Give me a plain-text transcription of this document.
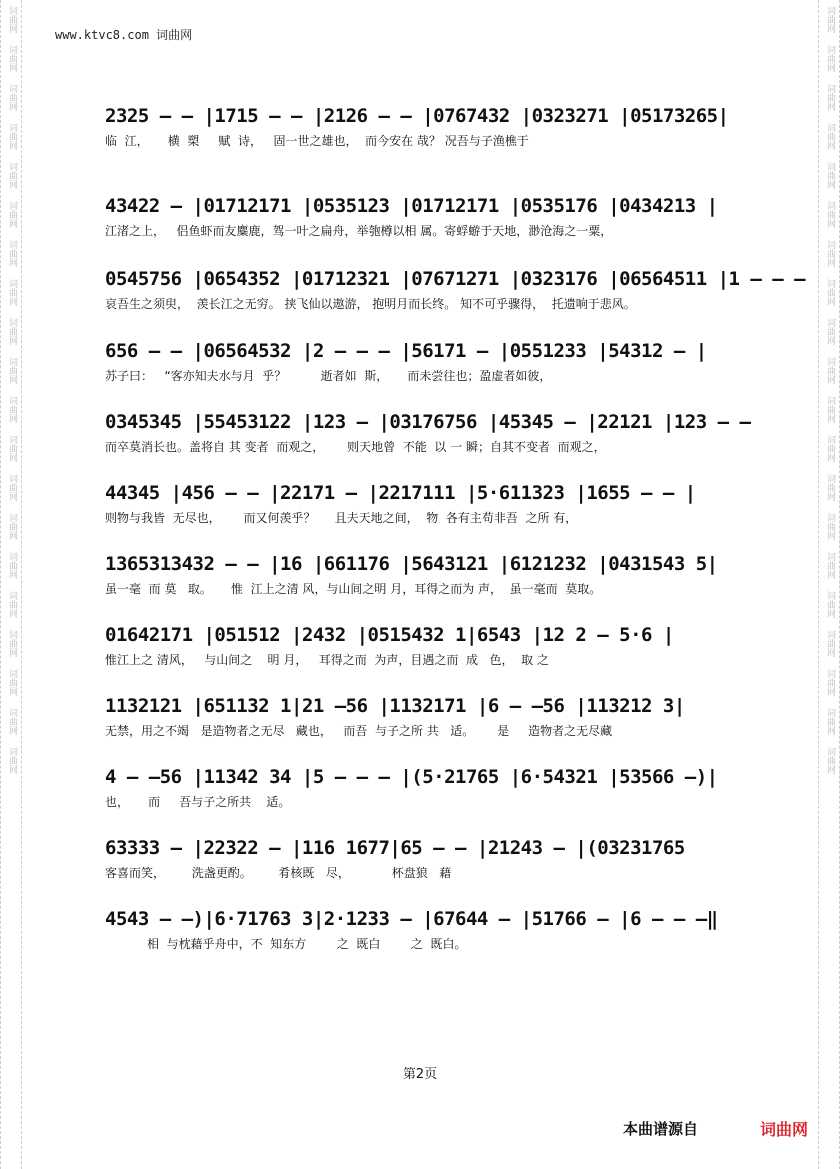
词曲网
词曲网
词曲网
词曲网
词曲网
词曲网
词曲网
词曲网
词曲网
词曲网
词曲网
词曲网
词曲网
词曲网
词曲网
词曲网
词曲网
词曲网
词曲网
词曲网
词曲网
词曲网
词曲网
词曲网
词曲网
词曲网
词曲网
词曲网
词曲网
词曲网
词曲网
词曲网
词曲网
词曲网
词曲网
词曲网
词曲网
词曲网
词曲网
词曲网
www.ktvc8.com 词曲网
2325 – – |1715 – – |2126 – – |0767432 |0323271 |05173265|
临  江，     横  槊     赋  诗，   固一世之雄也，  而今安在 哉？ 况吾与子渔樵于
43422 – |01712171 |0535123 |01712171 |0535176 |0434213 |
江渚之上，   侣鱼虾而友麋鹿，驾一叶之扁舟，举匏樽以相 属。寄蜉蝣于天地，渺沧海之一粟，
0545756 |0654352 |01712321 |07671271 |0323176 |06564511 |1 – – –
哀吾生之须臾，  羡长江之无穷。 挟飞仙以遨游， 抱明月而长终。 知不可乎骤得，  托遗响于悲风。
656 – – |06564532 |2 – – – |56171 – |0551233 |54312 – |
苏子曰：   “客亦知夫水与月  乎？         逝者如  斯，     而未尝往也；盈虚者如彼，
0345345 |55453122 |123 – |03176756 |45345 – |22121 |123 – –
而卒莫消长也。盖将自 其 变者  而观之，      则天地曾  不能  以 一 瞬；自其不变者  而观之，
44345 |456 – – |22171 – |2217111 |5·611323 |1655 – – |
则物与我皆  无尽也，      而又何羡乎？     且夫天地之间，  物  各有主苟非吾  之所 有，
1365313432 – – |16 |661176 |5643121 |6121232 |0431543 5|
虽一毫  而 莫   取。     惟  江上之清 风，与山间之明 月，耳得之而为 声，  虽一毫而  莫取。
01642171 |051512 |2432 |0515432 1|6543 |12 2 – 5·6 |
惟江上之 清风，   与山间之    明 月，   耳得之而  为声，目遇之而  成   色，  取 之
1132121 |651132 1|21 –56 |1132171 |6 – –56 |113212 3|
无禁，用之不竭   是造物者之无尽   藏也，   而吾  与子之所 共   适。      是     造物者之无尽藏
4 – –56 |11342 34 |5 – – – |(5·21765 |6·54321 |53566 –)|
也，     而     吾与子之所共    适。
63333 – |22322 – |116 1677|65 – – |21243 – |(03231765
客喜而笑，       洗盏更酌。       肴核既   尽，           杯盘狼   藉
4543 – –)|6·71763 3|2·1233 – |67644 – |51766 – |6 – – –‖
相  与枕藉乎舟中，不  知东方        之  既白        之  既白。
第2页
本曲谱源自	词曲网
